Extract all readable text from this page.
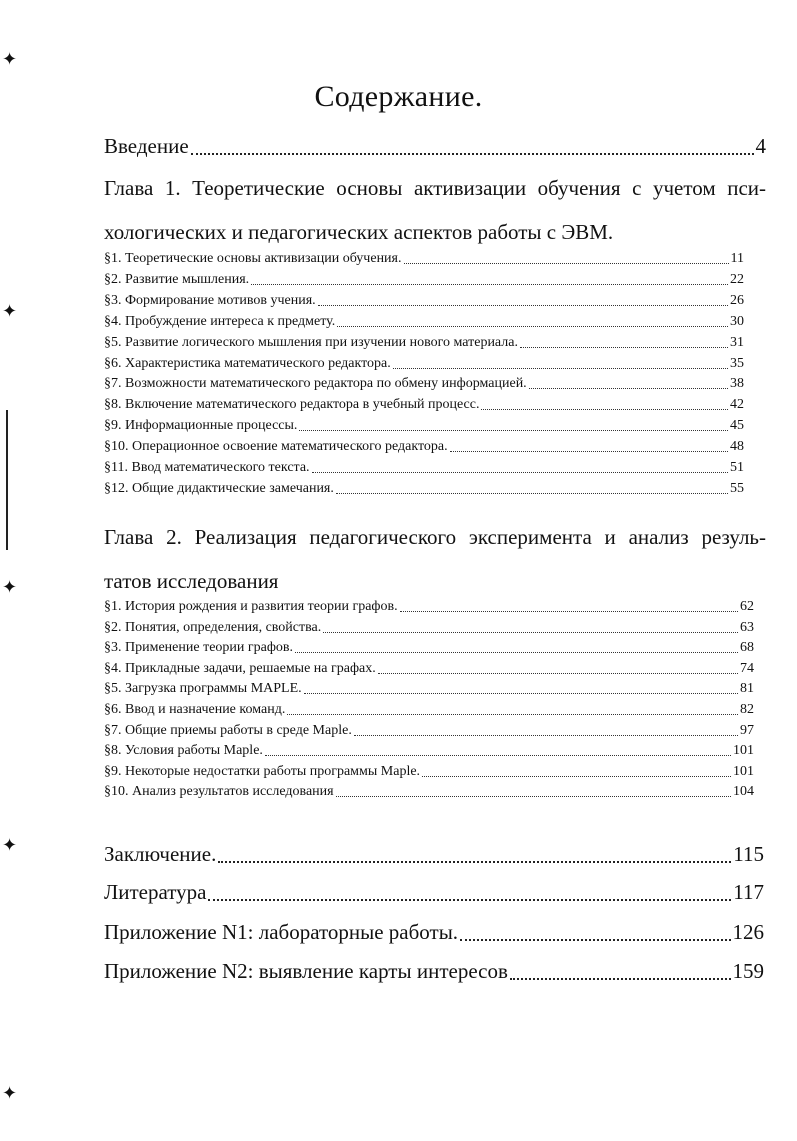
✦
✦
✦
✦
✦
Содержание.
Введение	4
Глава 1. Теоретические основы активизации обучения с учетом пси-
хологических и педагогических аспектов работы с ЭВМ.
§1. Теоретические основы активизации обучения.	11
§2. Развитие мышления.	22
§3. Формирование мотивов учения.	26
§4. Пробуждение интереса к предмету.	30
§5. Развитие логического мышления при изучении нового материала.	31
§6. Характеристика математического редактора.	35
§7. Возможности математического редактора по обмену информацией.	38
§8. Включение математического редактора в учебный процесс.	42
§9. Информационные процессы.	45
§10. Операционное освоение математического редактора.	48
§11. Ввод математического текста.	51
§12. Общие дидактические замечания.	55
Глава 2. Реализация педагогического эксперимента и анализ резуль-
татов исследования
§1. История рождения и развития теории графов.	62
§2. Понятия, определения, свойства.	63
§3. Применение теории графов.	68
§4. Прикладные задачи, решаемые на графах.	74
§5. Загрузка программы MAPLE.	81
§6. Ввод и назначение команд.	82
§7. Общие приемы работы в среде Maple.	97
§8. Условия работы Maple.	101
§9. Некоторые недостатки работы программы Maple.	101
§10. Анализ результатов исследования	104
Заключение.	115
Литература	117
Приложение N1: лабораторные работы.	126
Приложение N2: выявление карты интересов	159
